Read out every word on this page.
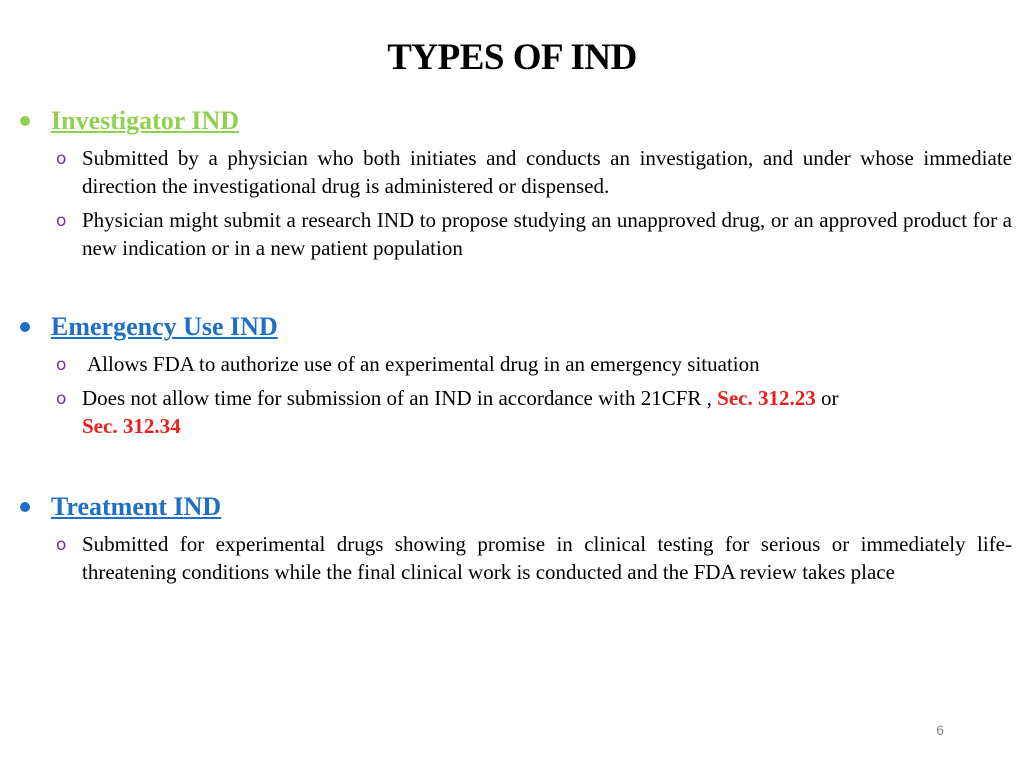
TYPES OF IND
Investigator IND
o Submitted by a physician who both initiates and conducts an investigation, and under whose immediate direction the investigational drug is administered or dispensed.
o Physician might submit a research IND to propose studying an unapproved drug, or an approved product for a new indication or in a new patient population
Emergency Use IND
o Allows FDA to authorize use of an experimental drug in an emergency situation
o Does not allow time for submission of an IND in accordance with 21CFR , Sec. 312.23 or
Sec. 312.34
Treatment IND
o Submitted for experimental drugs showing promise in clinical testing for serious or immediately life-threatening conditions while the final clinical work is conducted and the FDA review takes place
6
